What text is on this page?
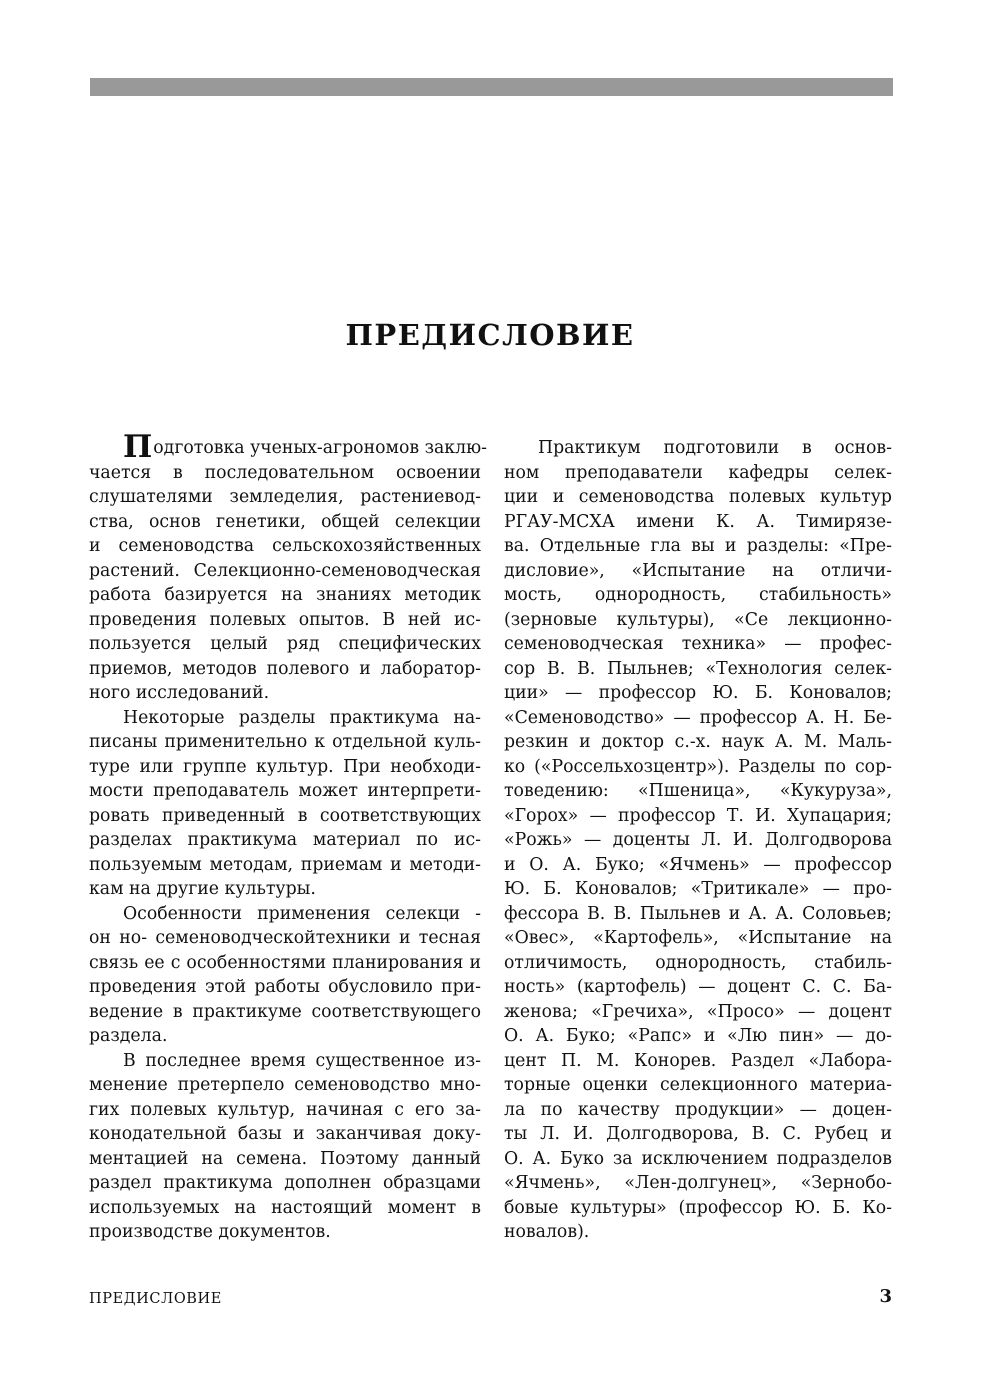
ПРЕДИСЛОВИЕ
П одготовка ученых-агрономов заклю-
чается в последовательном освоении
слушателями земледелия, растениевод-
ства, основ генетики, общей селекции
и семеноводства сельскохозяйственных
растений. Селекционно-семеноводческая
работа базируется на знаниях методик
проведения полевых опытов. В ней ис-
пользуется целый ряд специфических
приемов, методов полевого и лаборатор-
ного исследований.
Некоторые разделы практикума на-
писаны применительно к отдельной куль-
туре или группе культур. При необходи-
мости преподаватель может интерпрети-
ровать приведенный в соответствующих
разделах практикума материал по ис-
пользуемым методам, приемам и методи-
кам на другие культуры.
Особенности применения селекци -
он но- семеноводческойтехники и тесная
связь ее с особенностями планирования и
проведения этой работы обусловило при-
ведение в практикуме соответствующего
раздела.
В последнее время существенное из-
менение претерпело семеноводство мно-
гих полевых культур, начиная с его за-
конодательной базы и заканчивая доку-
ментацией на семена. Поэтому данный
раздел практикума дополнен образцами
используемых на настоящий момент в
производстве документов.
Практикум подготовили в основ-
ном преподаватели кафедры селек-
ции и семеноводства полевых культур
РГАУ-МСХА имени К. А. Тимирязе-
ва. Отдельные гла вы и разделы: «Пре-
дисловие», «Испытание на отличи-
мость, однородность, стабильность»
(зерновые культуры), «Се лекционно-
семеноводческая техника» — профес-
сор В. В. Пыльнев; «Технология селек-
ции» — профессор Ю. Б. Коновалов;
«Семеноводство» — профессор А. Н. Бе-
резкин и доктор с.-х. наук А. М. Маль-
ко («Россельхозцентр»). Разделы по сор-
товедению: «Пшеница», «Кукуруза»,
«Горох» — профессор Т. И. Хупацария;
«Рожь» — доценты Л. И. Долгодворова
и О. А. Буко; «Ячмень» — профессор
Ю. Б. Коновалов; «Тритикале» — про-
фессора В. В. Пыльнев и А. А. Соловьев;
«Овес», «Картофель», «Испытание на
отличимость, однородность, стабиль-
ность» (картофель) — доцент С. С. Ба-
женова; «Гречиха», «Просо» — доцент
О. А. Буко; «Рапс» и «Лю пин» — до-
цент П. М. Конорев. Раздел «Лабора-
торные оценки селекционного материа-
ла по качеству продукции» — доцен-
ты Л. И. Долгодворова, В. С. Рубец и
О. А. Буко за исключением подразделов
«Ячмень», «Лен-долгунец», «Зернобо-
бовые культуры» (профессор Ю. Б. Ко-
новалов).
ПРЕДИСЛОВИЕ	3
